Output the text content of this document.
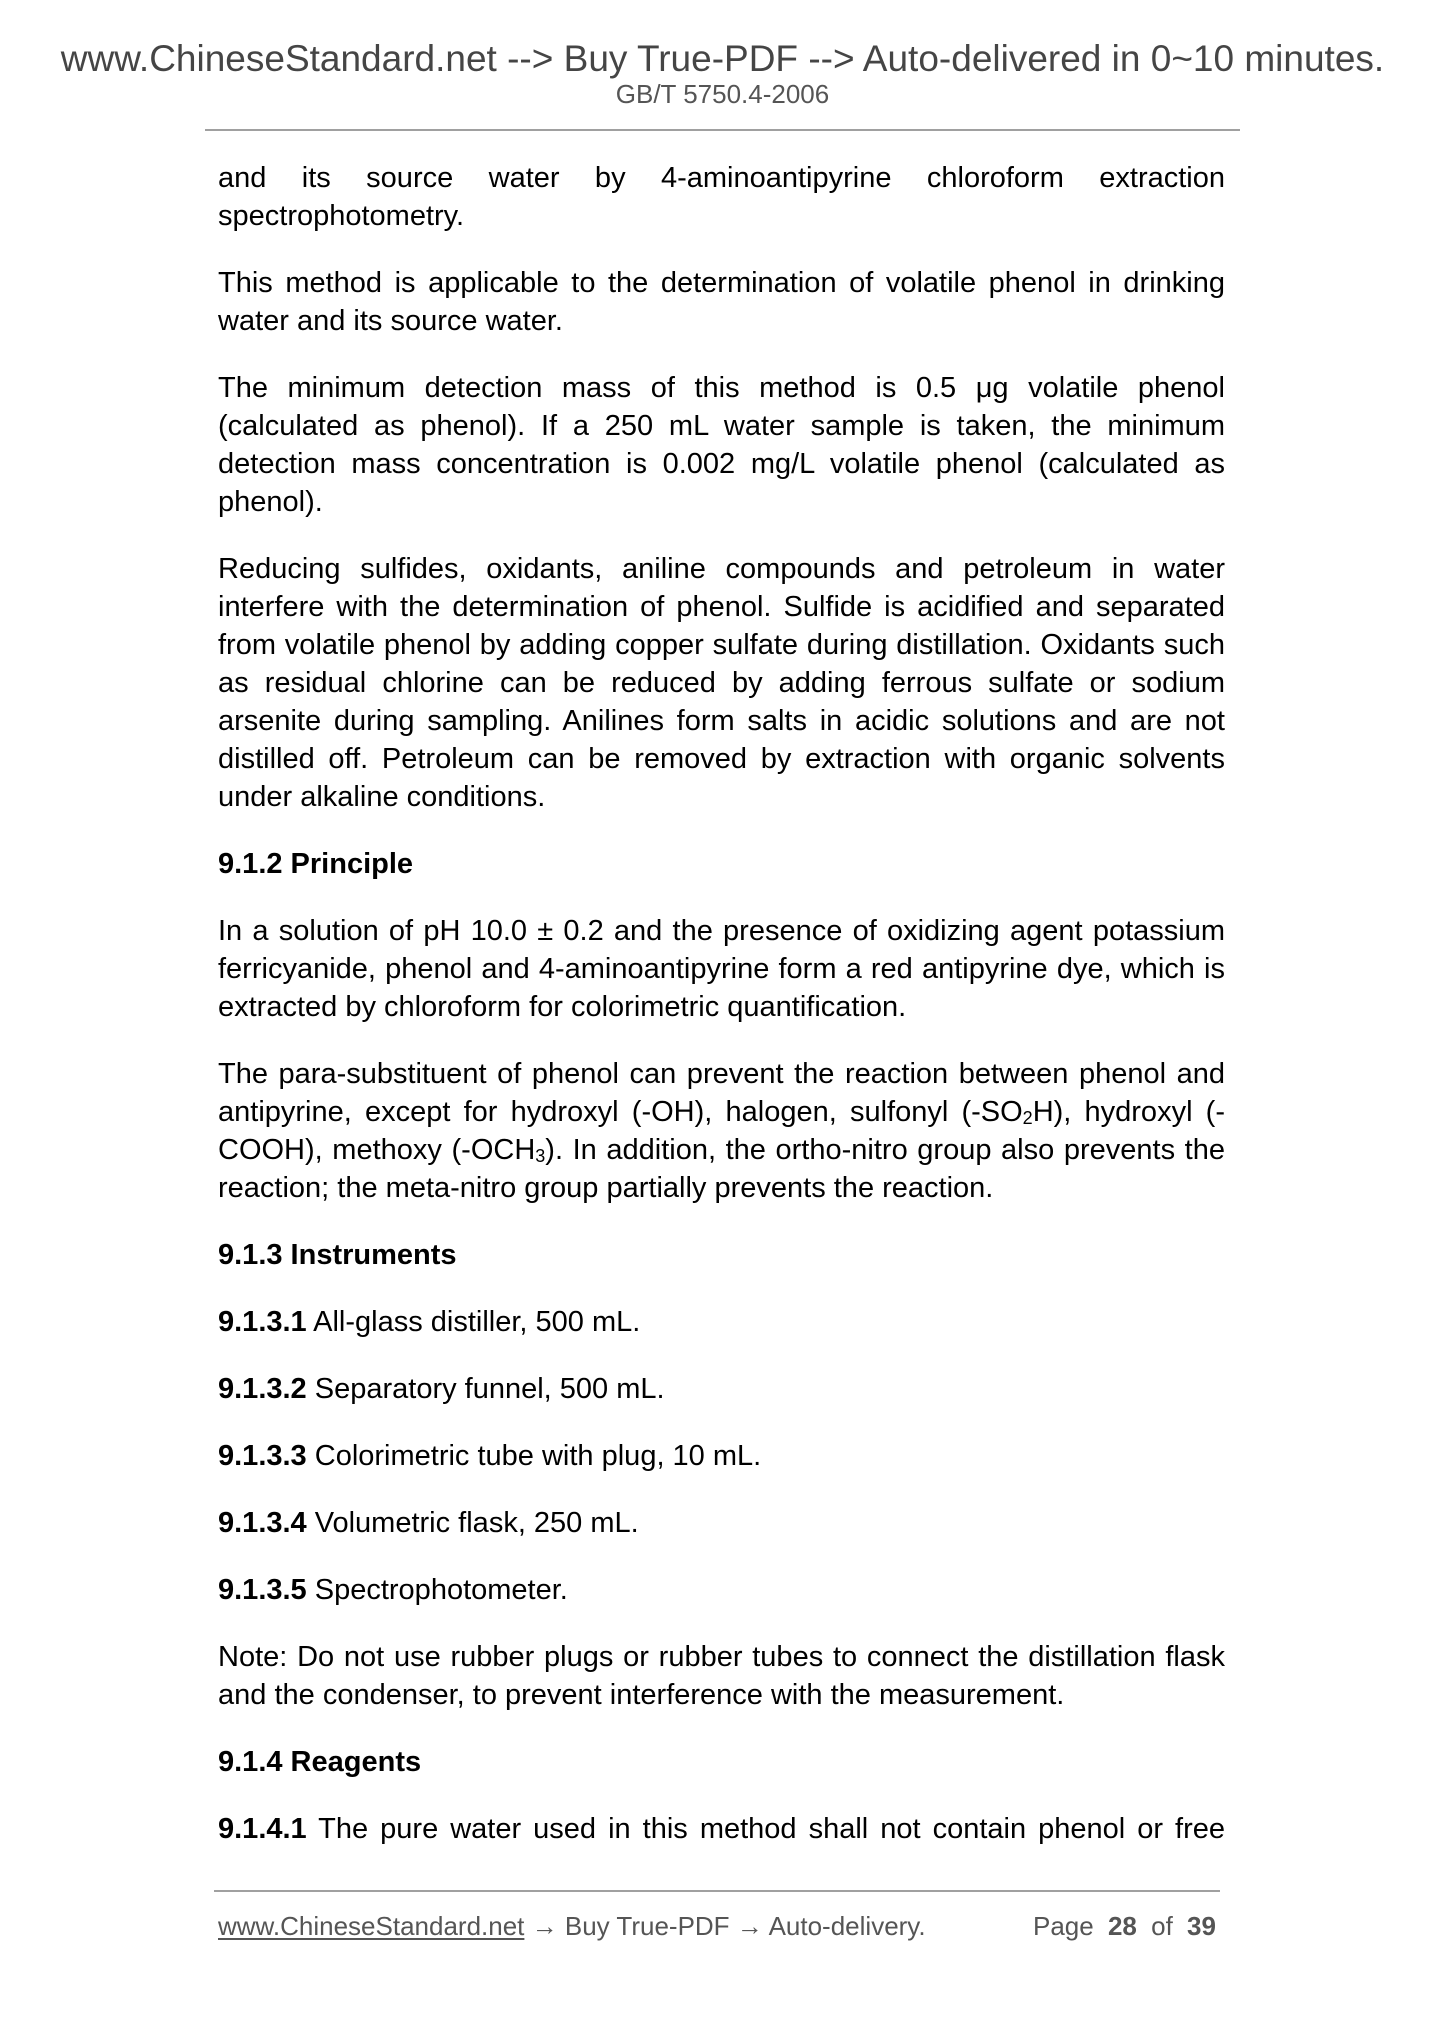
www.ChineseStandard.net --> Buy True-PDF --> Auto-delivered in 0~10 minutes.
GB/T 5750.4-2006
and its source water by 4-aminoantipyrine chloroform extraction
spectrophotometry.
This method is applicable to the determination of volatile phenol in drinking
water and its source water.
The minimum detection mass of this method is 0.5 μg volatile phenol
(calculated as phenol). If a 250 mL water sample is taken, the minimum
detection mass concentration is 0.002 mg/L volatile phenol (calculated as
phenol).
Reducing sulfides, oxidants, aniline compounds and petroleum in water
interfere with the determination of phenol. Sulfide is acidified and separated
from volatile phenol by adding copper sulfate during distillation. Oxidants such
as residual chlorine can be reduced by adding ferrous sulfate or sodium
arsenite during sampling. Anilines form salts in acidic solutions and are not
distilled off. Petroleum can be removed by extraction with organic solvents
under alkaline conditions.
9.1.2 Principle
In a solution of pH 10.0 ± 0.2 and the presence of oxidizing agent potassium
ferricyanide, phenol and 4-aminoantipyrine form a red antipyrine dye, which is
extracted by chloroform for colorimetric quantification.
The para-substituent of phenol can prevent the reaction between phenol and
antipyrine, except for hydroxyl (-OH), halogen, sulfonyl (-SO2H), hydroxyl (-
COOH), methoxy (-OCH3). In addition, the ortho-nitro group also prevents the
reaction; the meta-nitro group partially prevents the reaction.
9.1.3 Instruments
9.1.3.1 All-glass distiller, 500 mL.
9.1.3.2 Separatory funnel, 500 mL.
9.1.3.3 Colorimetric tube with plug, 10 mL.
9.1.3.4 Volumetric flask, 250 mL.
9.1.3.5 Spectrophotometer.
Note: Do not use rubber plugs or rubber tubes to connect the distillation flask
and the condenser, to prevent interference with the measurement.
9.1.4 Reagents
9.1.4.1 The pure water used in this method shall not contain phenol or free
www.ChineseStandard.net → Buy True-PDF → Auto-delivery.	Page 28 of 39
